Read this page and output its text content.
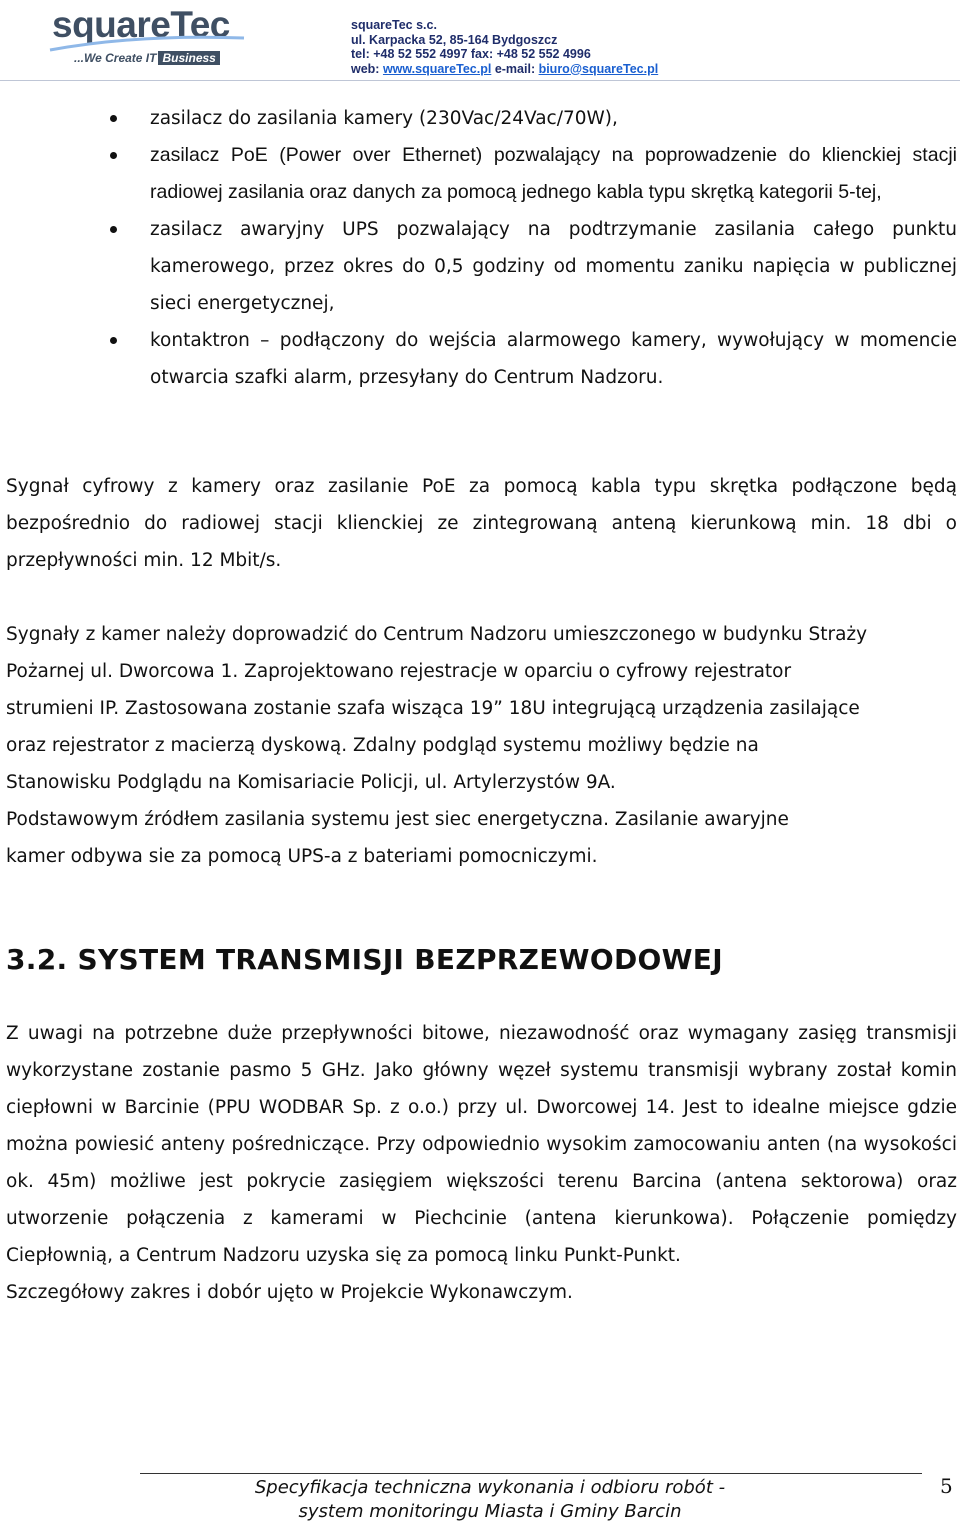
squareTec
...We Create IT Business
squareTec s.c.
ul. Karpacka 52, 85-164 Bydgoszcz
tel: +48 52 552 4997 fax: +48 52 552 4996
web: www.squareTec.pl e-mail: biuro@squareTec.pl
zasilacz do zasilania kamery (230Vac/24Vac/70W),
zasilacz PoE (Power over Ethernet) pozwalający na poprowadzenie do klienckiej stacji radiowej zasilania oraz danych za pomocą jednego kabla typu skrętką kategorii 5-tej,
zasilacz awaryjny UPS pozwalający na podtrzymanie zasilania całego punktu kamerowego, przez okres do 0,5 godziny od momentu zaniku napięcia w publicznej sieci energetycznej,
kontaktron – podłączony do wejścia alarmowego kamery, wywołujący w momencie otwarcia szafki alarm, przesyłany do Centrum Nadzoru.

Sygnał cyfrowy z kamery oraz zasilanie PoE za pomocą kabla typu skrętka podłączone będą bezpośrednio do radiowej stacji klienckiej ze zintegrowaną anteną kierunkową min. 18 dbi o przepływności min. 12 Mbit/s.

Sygnały z kamer należy doprowadzić do Centrum Nadzoru umieszczonego w budynku Straży
Pożarnej ul. Dworcowa 1. Zaprojektowano rejestracje w oparciu o cyfrowy rejestrator
strumieni IP. Zastosowana zostanie szafa wisząca 19” 18U integrującą urządzenia zasilające
oraz rejestrator z macierzą dyskową. Zdalny podgląd systemu możliwy będzie na
Stanowisku Podglądu na Komisariacie Policji, ul. Artylerzystów 9A.
Podstawowym źródłem zasilania systemu jest siec energetyczna. Zasilanie awaryjne
kamer odbywa sie za pomocą UPS-a z bateriami pomocniczymi.
3.2. SYSTEM TRANSMISJI BEZPRZEWODOWEJ

Z uwagi na potrzebne duże przepływności bitowe, niezawodność oraz wymagany zasięg transmisji wykorzystane zostanie pasmo 5 GHz. Jako główny węzeł systemu transmisji wybrany został komin ciepłowni w Barcinie (PPU WODBAR Sp. z o.o.) przy ul. Dworcowej 14. Jest to idealne miejsce gdzie można powiesić anteny pośredniczące. Przy odpowiednio wysokim zamocowaniu anten (na wysokości ok. 45m) możliwe jest pokrycie zasięgiem większości terenu Barcina (antena sektorowa) oraz utworzenie połączenia z kamerami w Piechcinie (antena kierunkowa). Połączenie pomiędzy Ciepłownią, a Centrum Nadzoru uzyska się za pomocą linku Punkt-Punkt.

Szczegółowy zakres i dobór ujęto w Projekcie Wykonawczym.

Specyfikacja techniczna wykonania i odbioru robót -
system monitoringu Miasta i Gminy Barcin
5
